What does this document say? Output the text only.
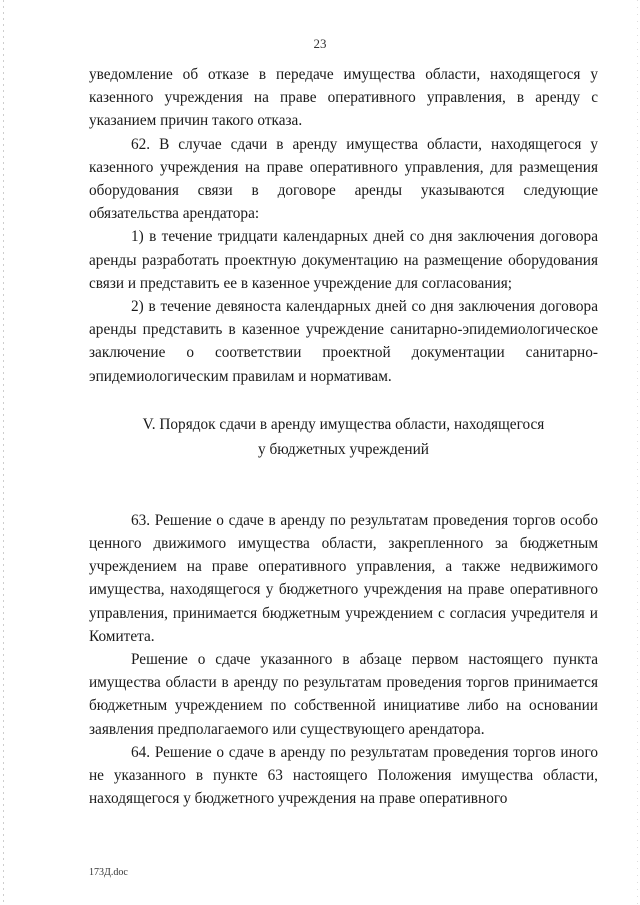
23

уведомление об отказе в передаче имущества области, находящегося у казенного учреждения на праве оперативного управления, в аренду с указанием причин такого отказа.

62. В случае сдачи в аренду имущества области, находящегося у казенного учреждения на праве оперативного управления, для размещения оборудования связи в договоре аренды указываются следующие обязательства арендатора:

1) в течение тридцати календарных дней со дня заключения договора аренды разработать проектную документацию на размещение оборудования связи и представить ее в казенное учреждение для согласования;

2) в течение девяноста календарных дней со дня заключения договора аренды представить в казенное учреждение санитарно-эпидемиологическое заключение о соответствии проектной документации санитарно-эпидемиологическим правилам и нормативам.

V. Порядок сдачи в аренду имущества области, находящегося
у бюджетных учреждений

63. Решение о сдаче в аренду по результатам проведения торгов особо ценного движимого имущества области, закрепленного за бюджетным учреждением на праве оперативного управления, а также недвижимого имущества, находящегося у бюджетного учреждения на праве оперативного управления, принимается бюджетным учреждением с согласия учредителя и Комитета.

Решение о сдаче указанного в абзаце первом настоящего пункта имущества области в аренду по результатам проведения торгов принимается бюджетным учреждением по собственной инициативе либо на основании заявления предполагаемого или существующего арендатора.

64. Решение о сдаче в аренду по результатам проведения торгов иного не указанного в пункте 63 настоящего Положения имущества области, находящегося у бюджетного учреждения на праве оперативного

173Д.doc
